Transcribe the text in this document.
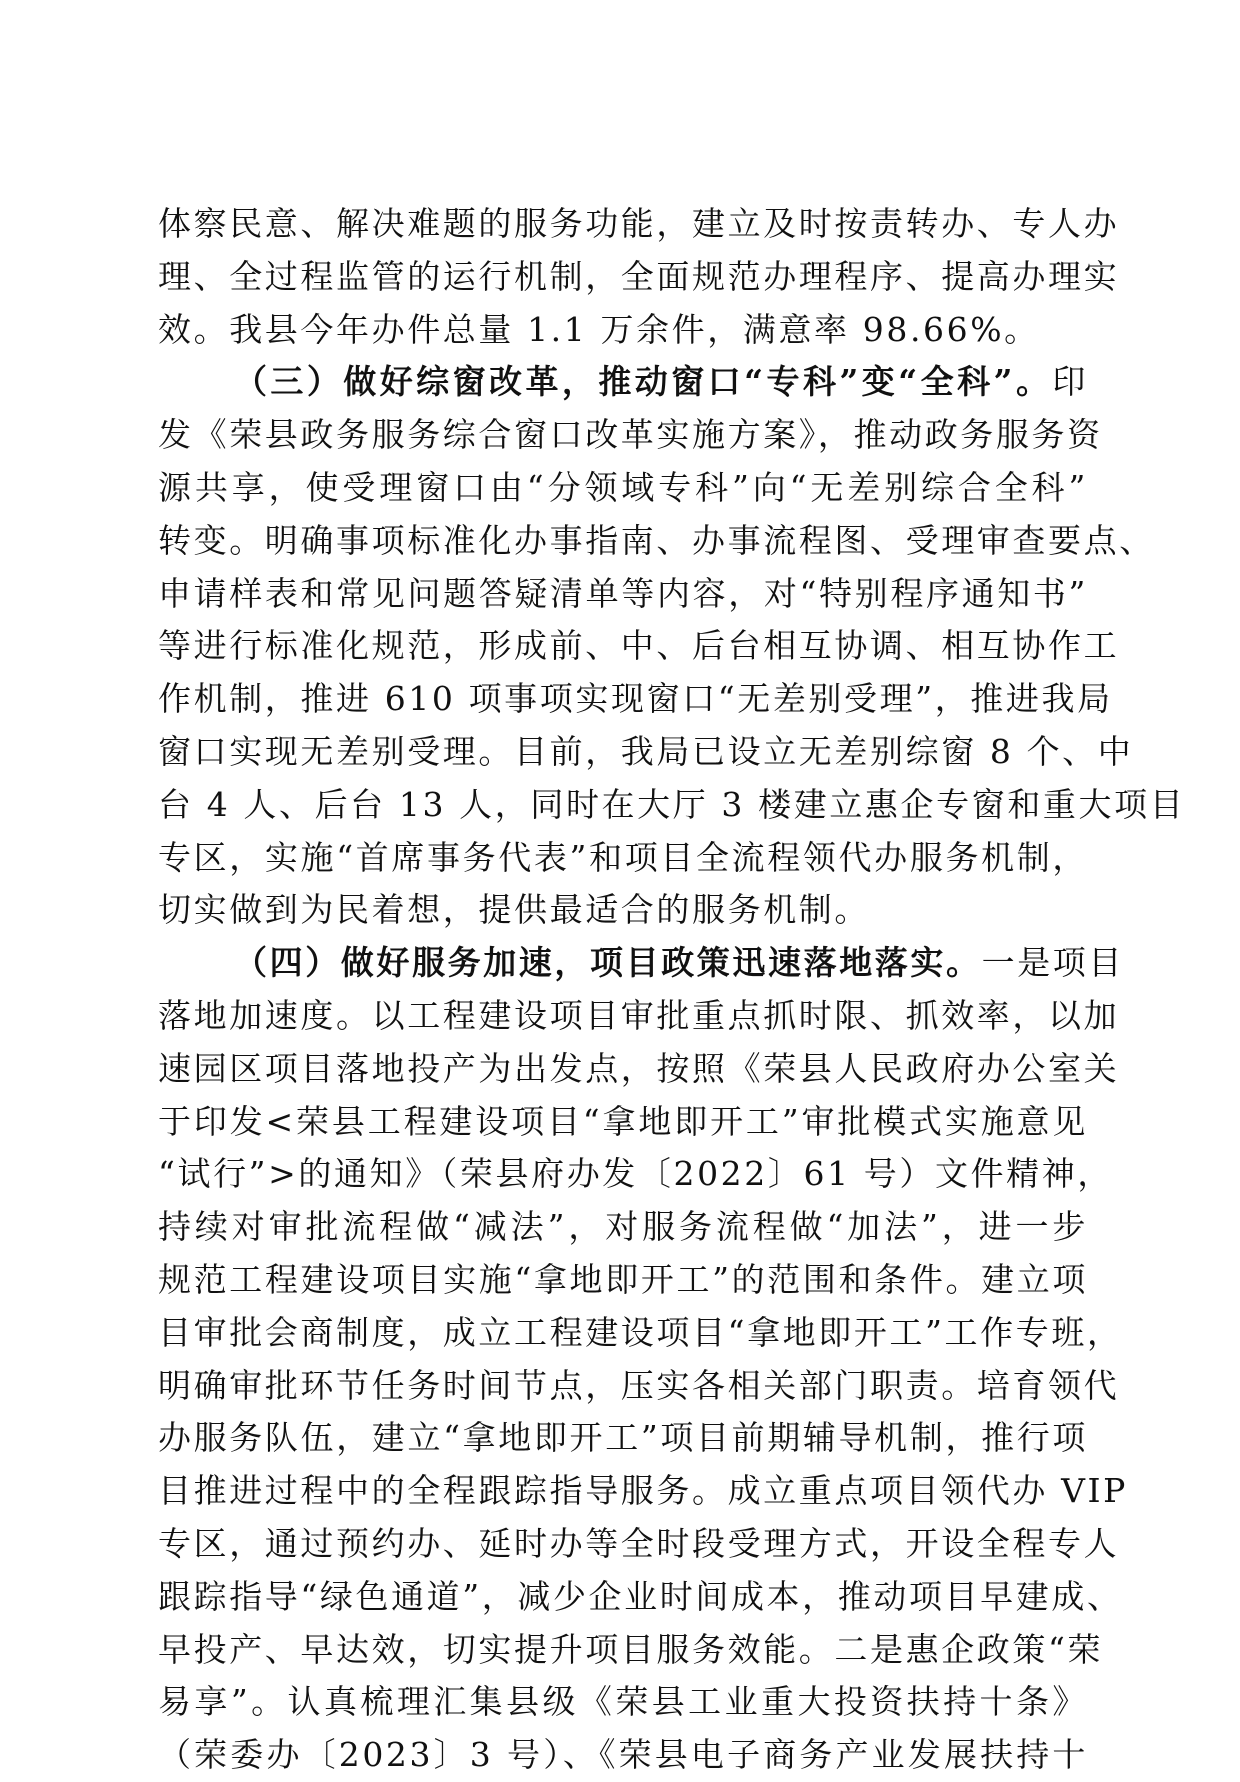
体察民意、解决难题的服务功能，建立及时按责转办、专人办
理、全过程监管的运行机制，全面规范办理程序、提高办理实
效。我县今年办件总量 1.1 万余件，满意率 98.66%。
（三）做好综窗改革，推动窗口“专科”变“全科”。印
发《荣县政务服务综合窗口改革实施方案》，推动政务服务资
源共享，使受理窗口由“分领域专科”向“无差别综合全科”
转变。明确事项标准化办事指南、办事流程图、受理审查要点、
申请样表和常见问题答疑清单等内容，对“特别程序通知书”
等进行标准化规范，形成前、中、后台相互协调、相互协作工
作机制，推进 610 项事项实现窗口“无差别受理”，推进我局
窗口实现无差别受理。目前，我局已设立无差别综窗 8 个、中
台 4 人、后台 13 人，同时在大厅 3 楼建立惠企专窗和重大项目
专区，实施“首席事务代表”和项目全流程领代办服务机制，
切实做到为民着想，提供最适合的服务机制。
（四）做好服务加速，项目政策迅速落地落实。一是项目
落地加速度。以工程建设项目审批重点抓时限、抓效率，以加
速园区项目落地投产为出发点，按照《荣县人民政府办公室关
于印发<荣县工程建设项目“拿地即开工”审批模式实施意见
“试行”>的通知》（荣县府办发〔2022〕61 号）文件精神，
持续对审批流程做“减法”，对服务流程做“加法”，进一步
规范工程建设项目实施“拿地即开工”的范围和条件。建立项
目审批会商制度，成立工程建设项目“拿地即开工”工作专班，
明确审批环节任务时间节点，压实各相关部门职责。培育领代
办服务队伍，建立“拿地即开工”项目前期辅导机制，推行项
目推进过程中的全程跟踪指导服务。成立重点项目领代办 VIP
专区，通过预约办、延时办等全时段受理方式，开设全程专人
跟踪指导“绿色通道”，减少企业时间成本，推动项目早建成、
早投产、早达效，切实提升项目服务效能。二是惠企政策“荣
易享”。认真梳理汇集县级《荣县工业重大投资扶持十条》
（荣委办〔2023〕3 号）、《荣县电子商务产业发展扶持十
